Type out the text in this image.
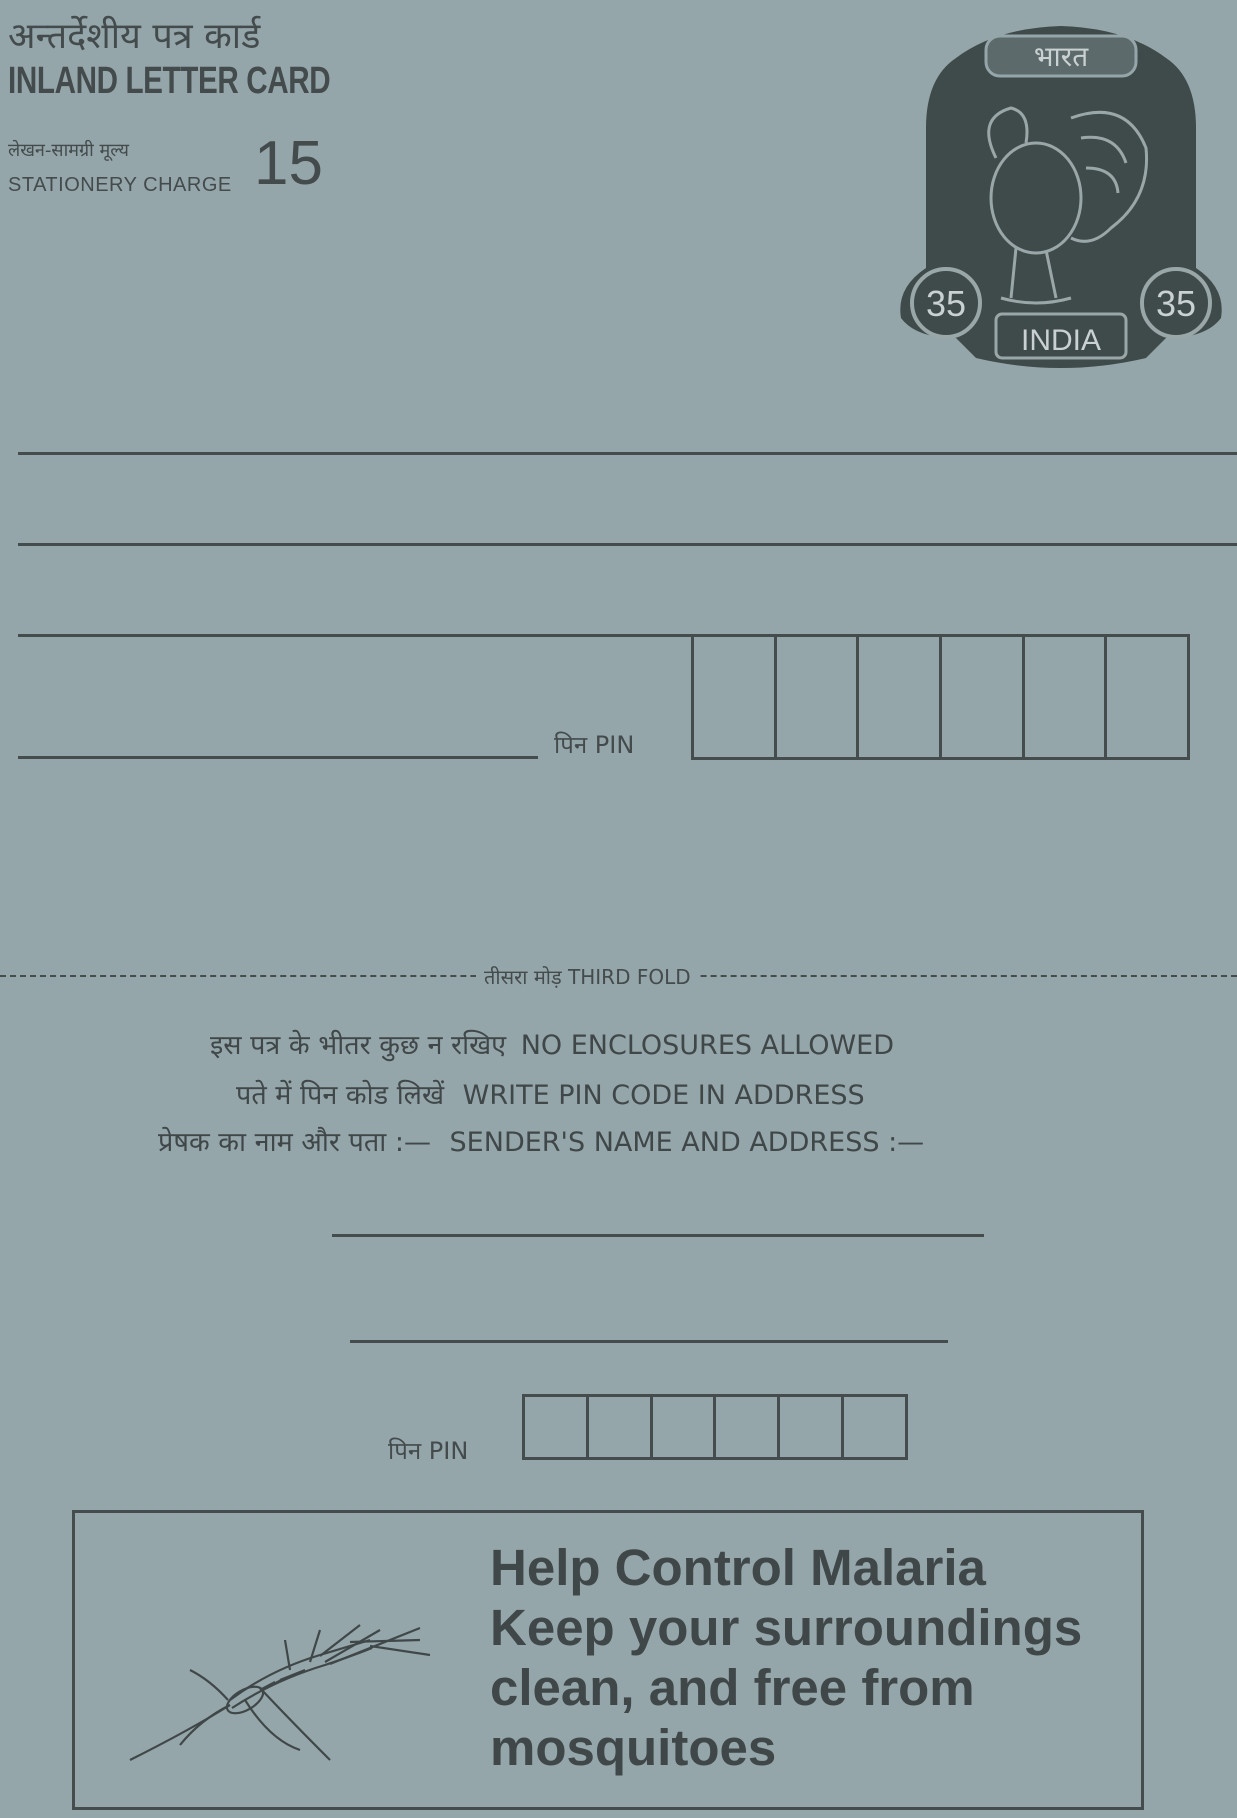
अन्तर्देशीय पत्र कार्ड
INLAND LETTER CARD
लेखन-सामग्री मूल्य
STATIONERY CHARGE 15
भारत
35	35
INDIA
पिन PIN
तीसरा मोड़ THIRD FOLD
इस पत्र के भीतर कुछ न रखिए NO ENCLOSURES ALLOWED
पते में पिन कोड लिखें WRITE PIN CODE IN ADDRESS
प्रेषक का नाम और पता :— SENDER'S NAME AND ADDRESS :—
पिन PIN
Help Control Malaria
Keep your surroundings
clean, and free from
mosquitoes
